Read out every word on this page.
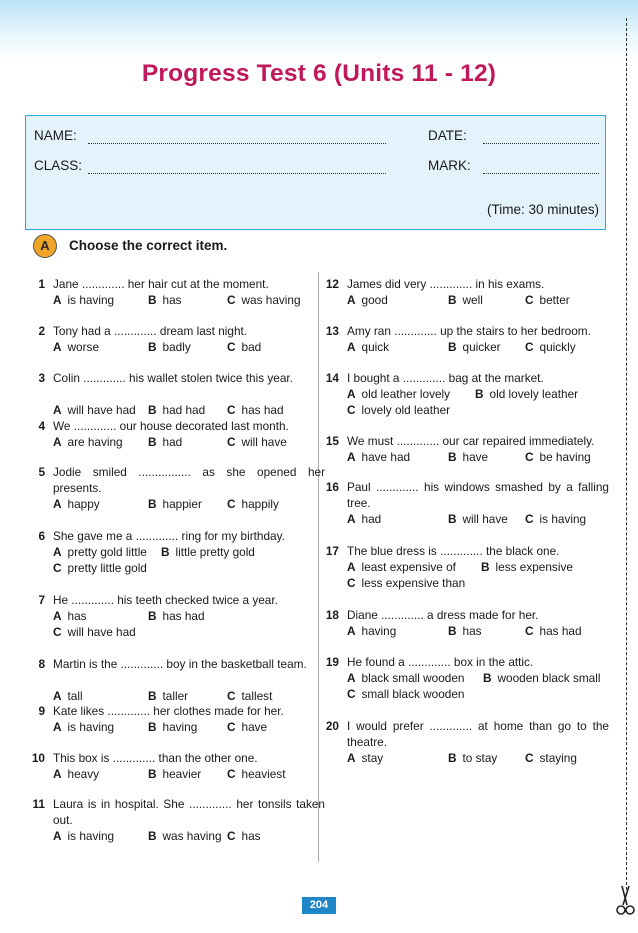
Progress Test 6 (Units 11 - 12)
NAME:	DATE:
CLASS:	MARK:
(Time: 30 minutes)
A	Choose the correct item.
1 Jane ............. her hair cut at the moment.
A is having	B has	C was having
2 Tony had a ............. dream last night.
A worse	B badly	C bad
3 Colin ............. his wallet stolen twice this year.
A will have had B had had C has had
4 We ............. our house decorated last month.
A are having B had	C will have
5 Jodie smiled ................ as she opened her presents.
A happy	B happier C happily
6 She gave me a ............. ring for my birthday.
A pretty gold little B little pretty gold
C pretty little gold
7 He ............. his teeth checked twice a year.
A has	B has had
C will have had
8 Martin is the ............. boy in the basketball team.
A tall	B taller	C tallest
9 Kate likes ............. her clothes made for her.
A is having	B having	C have
10 This box is ............. than the other one.
A heavy	B heavier C heaviest
11 Laura is in hospital. She ............. her tonsils taken out.
A is having	B was having C has
12 James did very ............. in his exams.
A good	B well	C better
13 Amy ran ............. up the stairs to her bedroom.
A quick	B quicker C quickly
14 I bought a ............. bag at the market.
A old leather lovely B old lovely leather
C lovely old leather
15 We must ............. our car repaired immediately.
A have had	B have	C be having
16 Paul ............. his windows smashed by a falling tree.
A had	B will have C is having
17 The blue dress is ............. the black one.
A least expensive of B less expensive
C less expensive than
18 Diane ............. a dress made for her.
A having	B has	C has had
19 He found a ............. box in the attic.
A black small wooden B wooden black small
C small black wooden
20 I would prefer ............. at home than go to the theatre.
A stay	B to stay C staying
204
